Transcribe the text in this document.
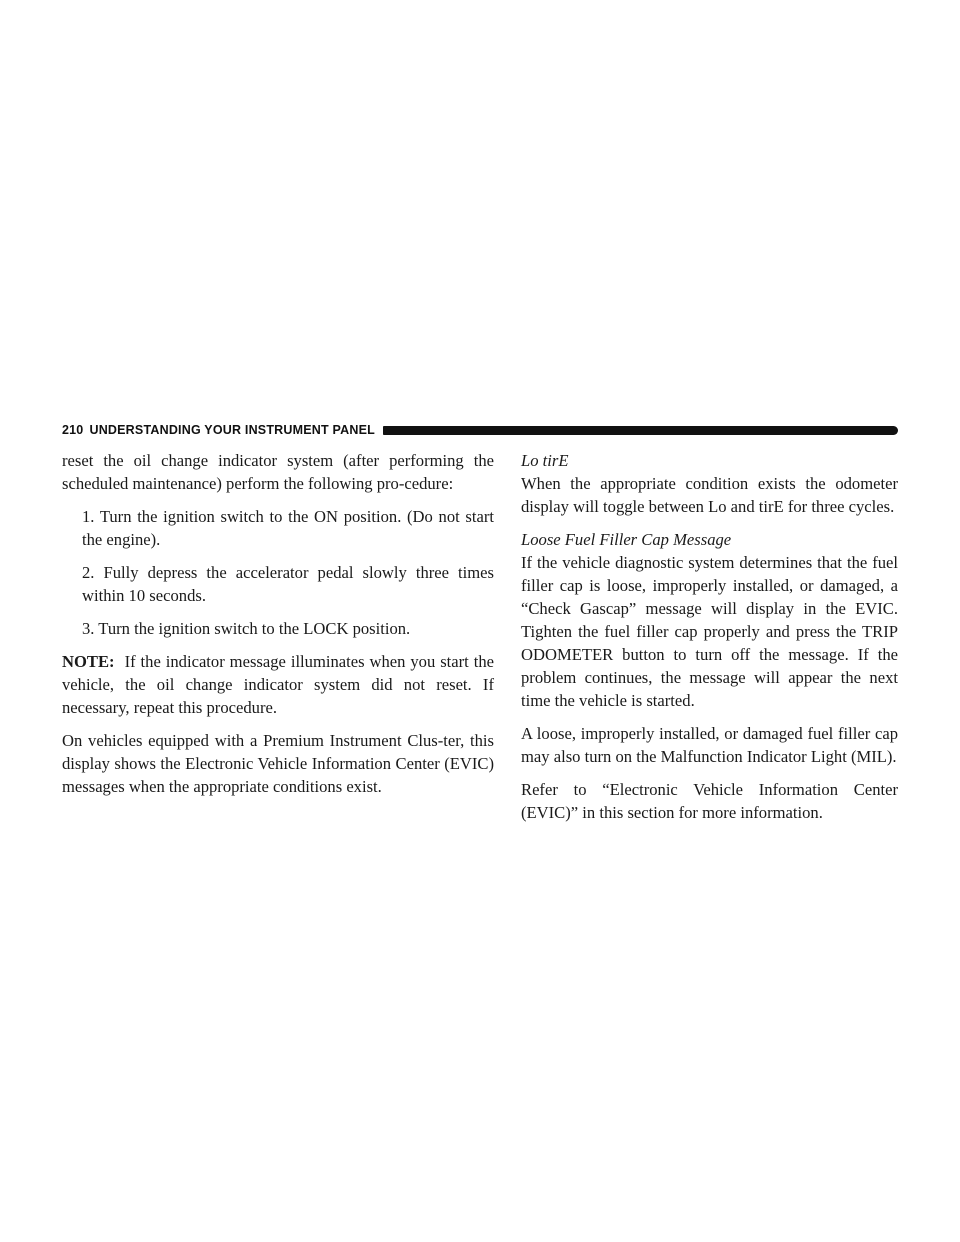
210 UNDERSTANDING YOUR INSTRUMENT PANEL

reset the oil change indicator system (after performing the scheduled maintenance) perform the following pro-cedure:

1. Turn the ignition switch to the ON position. (Do not start the engine).

2. Fully depress the accelerator pedal slowly three times within 10 seconds.

3. Turn the ignition switch to the LOCK position.

NOTE: If the indicator message illuminates when you start the vehicle, the oil change indicator system did not reset. If necessary, repeat this procedure.

On vehicles equipped with a Premium Instrument Clus-ter, this display shows the Electronic Vehicle Information Center (EVIC) messages when the appropriate conditions exist.

Lo tirE

When the appropriate condition exists the odometer display will toggle between Lo and tirE for three cycles.

Loose Fuel Filler Cap Message

If the vehicle diagnostic system determines that the fuel filler cap is loose, improperly installed, or damaged, a “Check Gascap” message will display in the EVIC. Tighten the fuel filler cap properly and press the TRIP ODOMETER button to turn off the message. If the problem continues, the message will appear the next time the vehicle is started.

A loose, improperly installed, or damaged fuel filler cap may also turn on the Malfunction Indicator Light (MIL).

Refer to “Electronic Vehicle Information Center (EVIC)” in this section for more information.
